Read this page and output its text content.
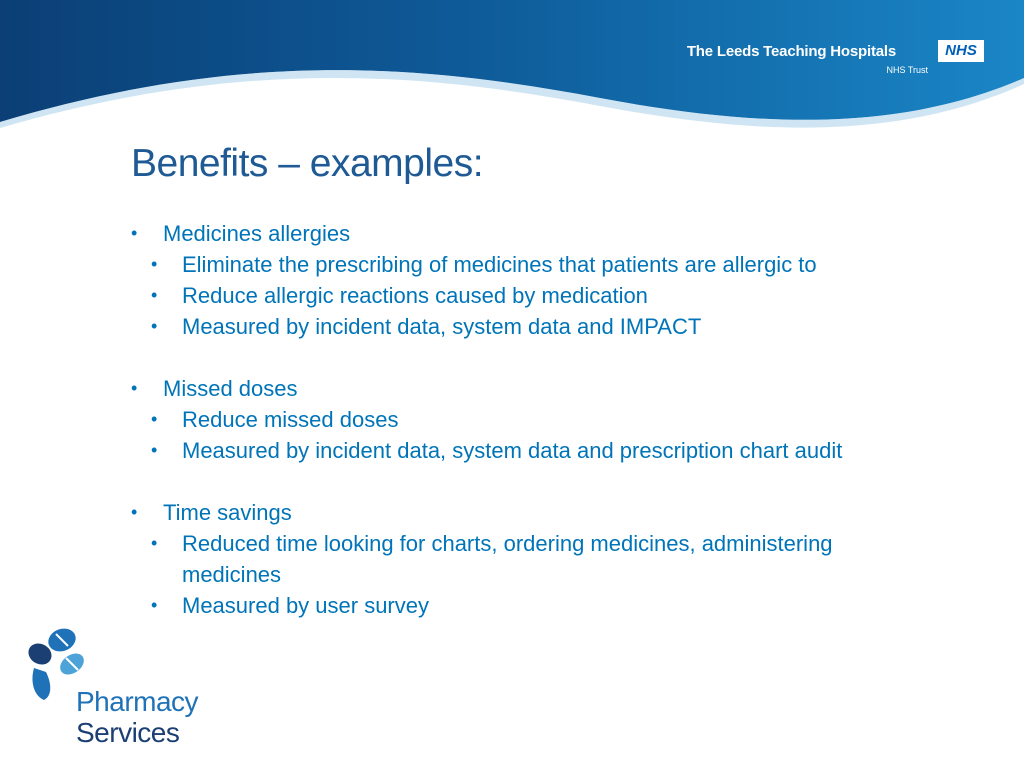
The Leeds Teaching Hospitals	NHS
NHS Trust
Benefits – examples:
• Medicines allergies
• Eliminate the prescribing of medicines that patients are allergic to
• Reduce allergic reactions caused by medication
• Measured by incident data, system data and IMPACT
• Missed doses
• Reduce missed doses
• Measured by incident data, system data and prescription chart audit
• Time savings
• Reduced time looking for charts, ordering medicines, administering medicines
• Measured by user survey
Pharmacy
Services
